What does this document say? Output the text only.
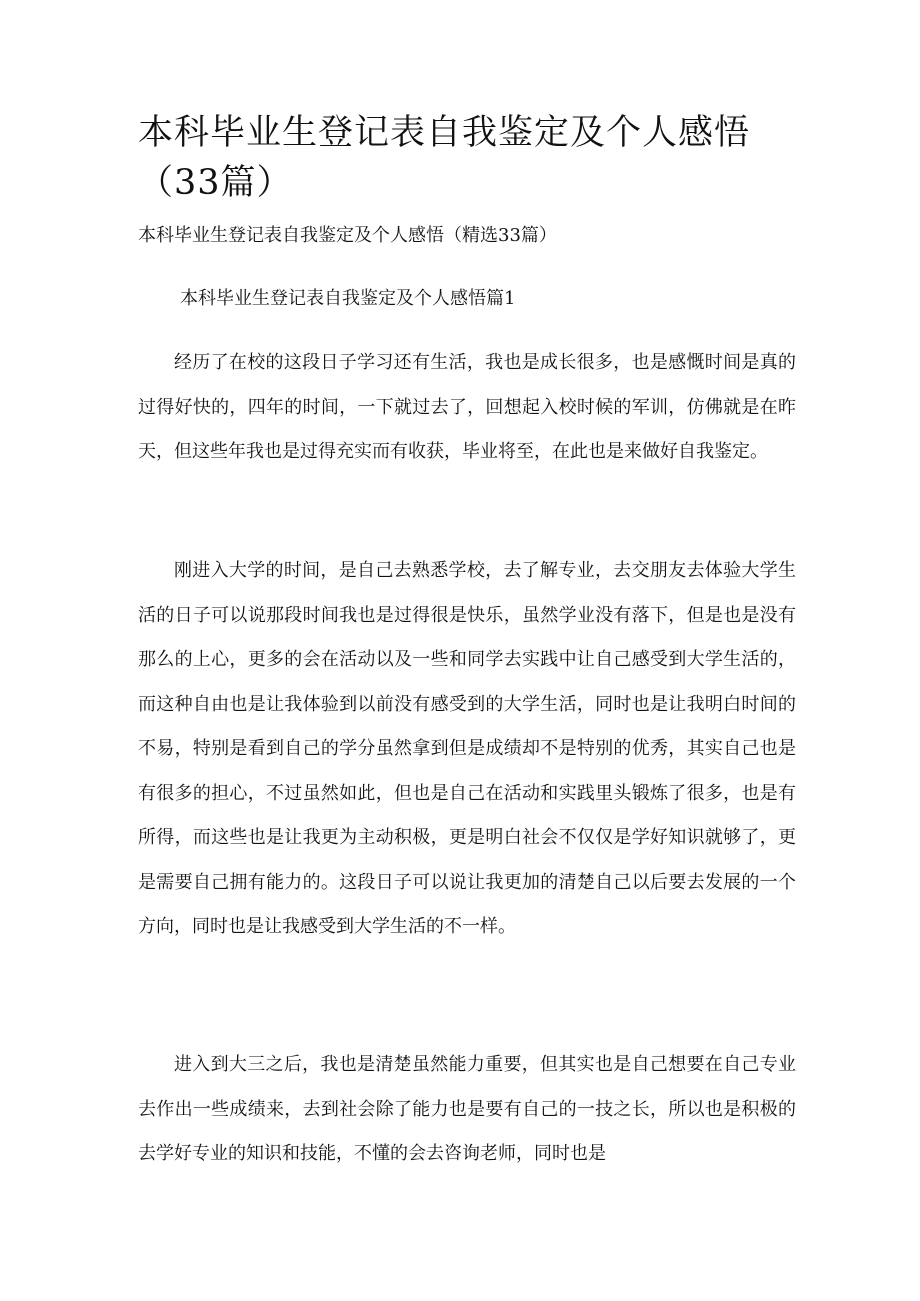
本科毕业生登记表自我鉴定及个人感悟（33篇）

本科毕业生登记表自我鉴定及个人感悟（精选33篇）

本科毕业生登记表自我鉴定及个人感悟篇1

经历了在校的这段日子学习还有生活，我也是成长很多，也是感慨时间是真的过得好快的，四年的时间，一下就过去了，回想起入校时候的军训，仿佛就是在昨天，但这些年我也是过得充实而有收获，毕业将至，在此也是来做好自我鉴定。

刚进入大学的时间，是自己去熟悉学校，去了解专业，去交朋友去体验大学生活的日子可以说那段时间我也是过得很是快乐，虽然学业没有落下，但是也是没有那么的上心，更多的会在活动以及一些和同学去实践中让自己感受到大学生活的，而这种自由也是让我体验到以前没有感受到的大学生活，同时也是让我明白时间的不易，特别是看到自己的学分虽然拿到但是成绩却不是特别的优秀，其实自己也是有很多的担心，不过虽然如此，但也是自己在活动和实践里头锻炼了很多，也是有所得，而这些也是让我更为主动积极，更是明白社会不仅仅是学好知识就够了，更是需要自己拥有能力的。这段日子可以说让我更加的清楚自己以后要去发展的一个方向，同时也是让我感受到大学生活的不一样。

进入到大三之后，我也是清楚虽然能力重要，但其实也是自己想要在自己专业去作出一些成绩来，去到社会除了能力也是要有自己的一技之长，所以也是积极的去学好专业的知识和技能，不懂的会去咨询老师，同时也是
